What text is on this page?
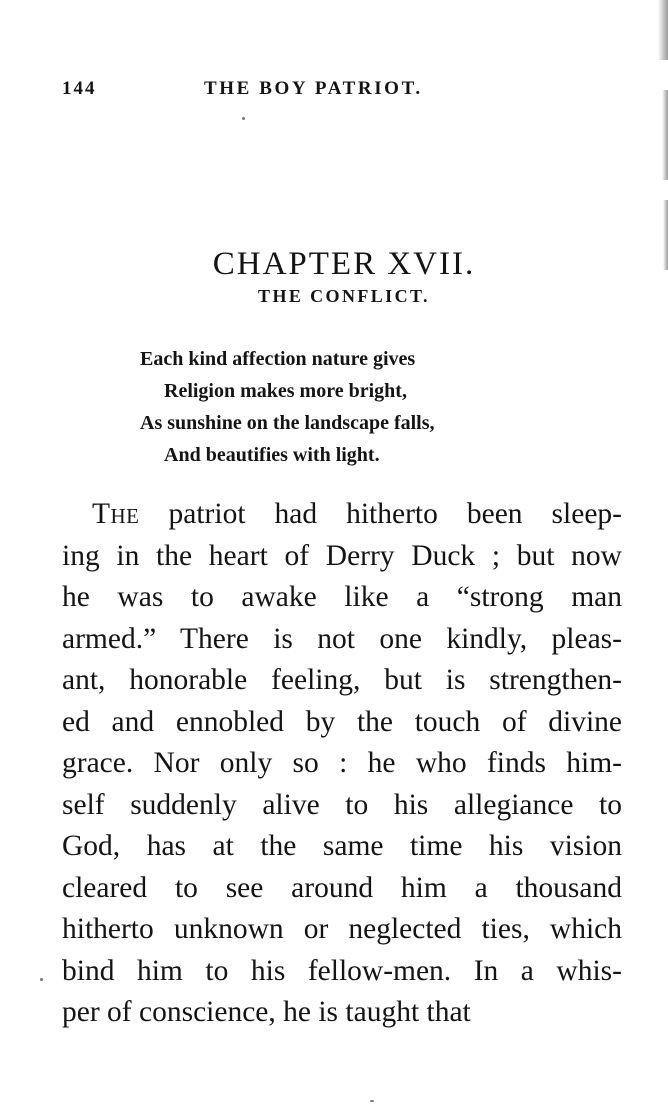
144	THE BOY PATRIOT.
CHAPTER XVII.
THE CONFLICT.
Each kind affection nature gives
Religion makes more bright,
As sunshine on the landscape falls,
And beautifies with light.
The patriot had hitherto been sleep-
ing in the heart of Derry Duck ; but now
he was to awake like a “strong man
armed.” There is not one kindly, pleas-
ant, honorable feeling, but is strengthen-
ed and ennobled by the touch of divine
grace. Nor only so : he who finds him-
self suddenly alive to his allegiance to
God, has at the same time his vision
cleared to see around him a thousand
hitherto unknown or neglected ties, which
bind him to his fellow-men. In a whis-
per of conscience, he is taught that
